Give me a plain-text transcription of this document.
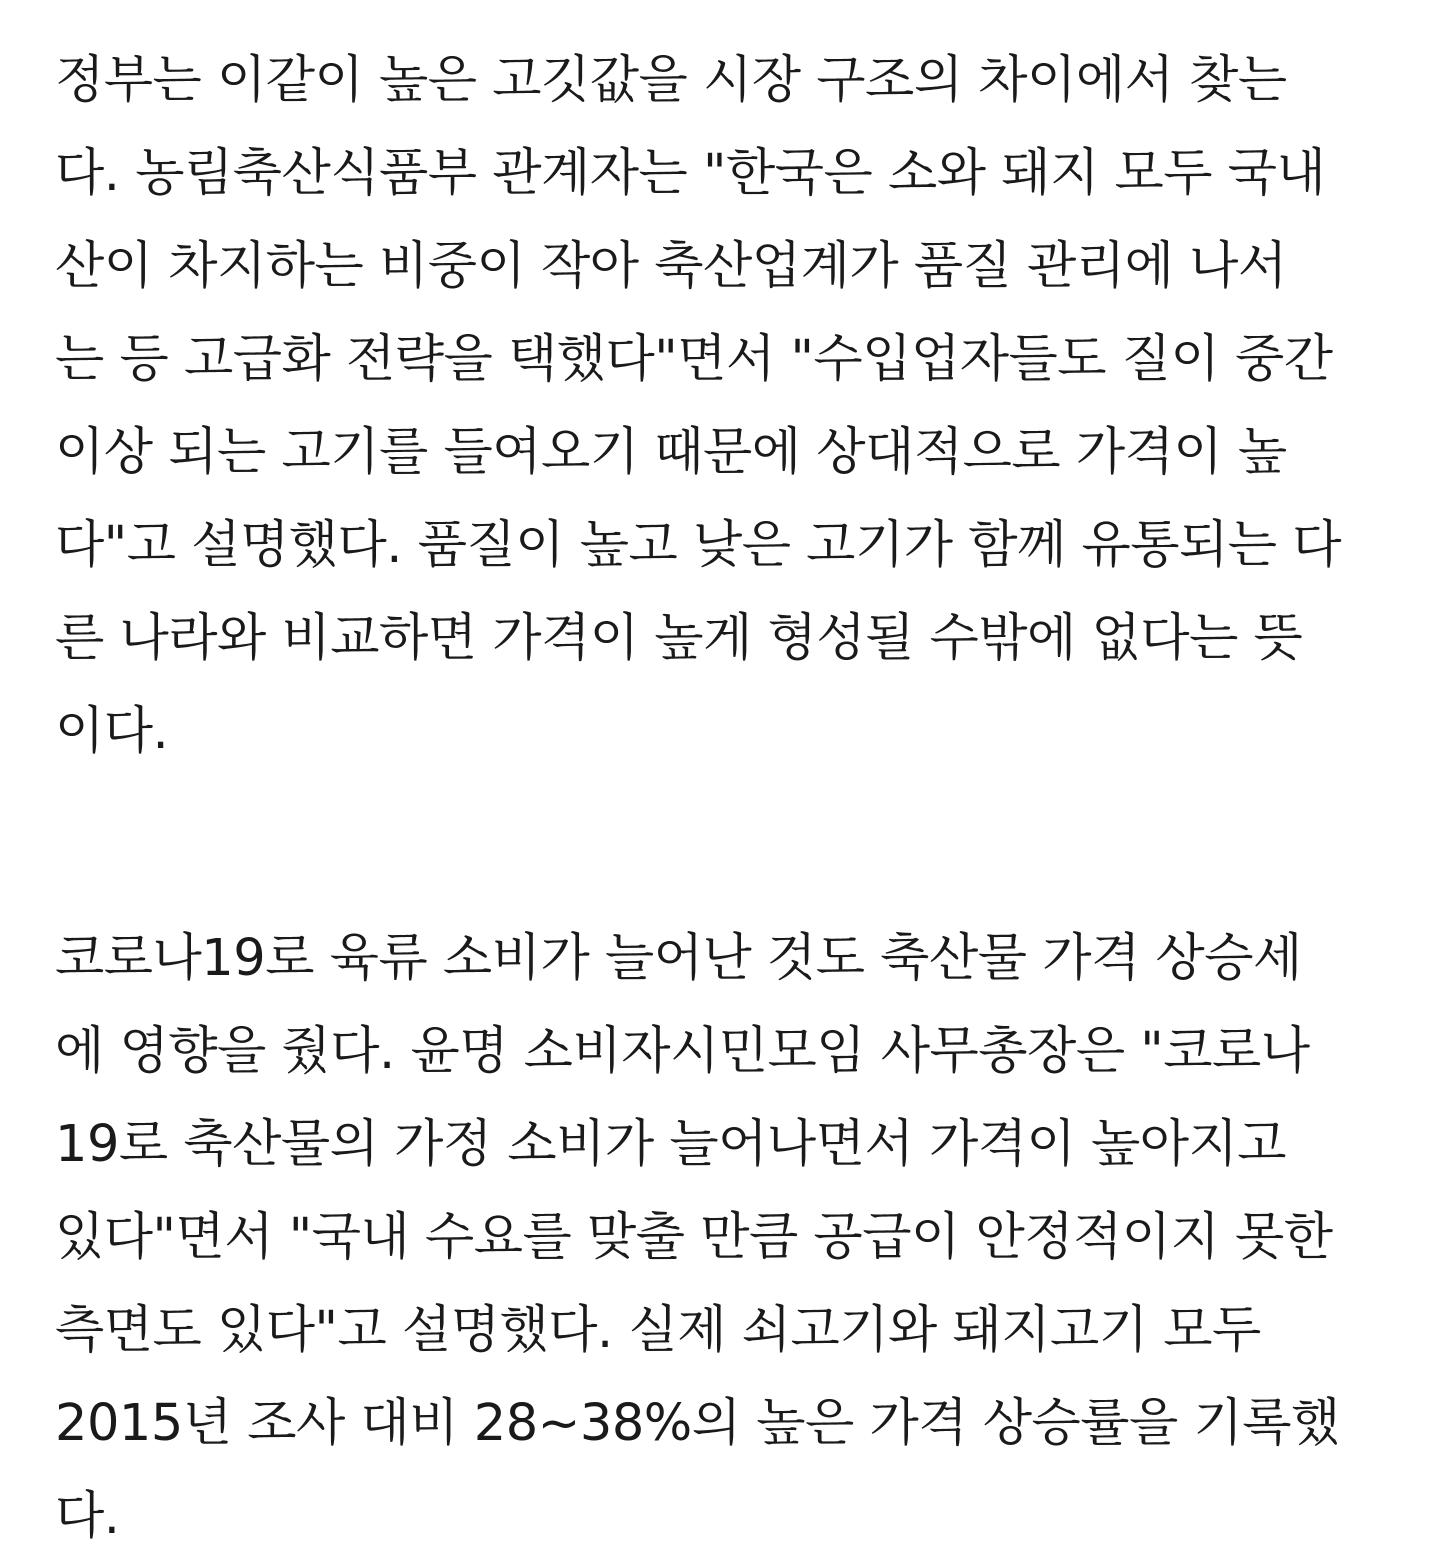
정부는 이같이 높은 고깃값을 시장 구조의 차이에서 찾는
다. 농림축산식품부 관계자는 "한국은 소와 돼지 모두 국내
산이 차지하는 비중이 작아 축산업계가 품질 관리에 나서
는 등 고급화 전략을 택했다"면서 "수입업자들도 질이 중간
이상 되는 고기를 들여오기 때문에 상대적으로 가격이 높
다"고 설명했다. 품질이 높고 낮은 고기가 함께 유통되는 다
른 나라와 비교하면 가격이 높게 형성될 수밖에 없다는 뜻
이다.
코로나19로 육류 소비가 늘어난 것도 축산물 가격 상승세
에 영향을 줬다. 윤명 소비자시민모임 사무총장은 "코로나
19로 축산물의 가정 소비가 늘어나면서 가격이 높아지고
있다"면서 "국내 수요를 맞출 만큼 공급이 안정적이지 못한
측면도 있다"고 설명했다. 실제 쇠고기와 돼지고기 모두
2015년 조사 대비 28~38%의 높은 가격 상승률을 기록했
다.
